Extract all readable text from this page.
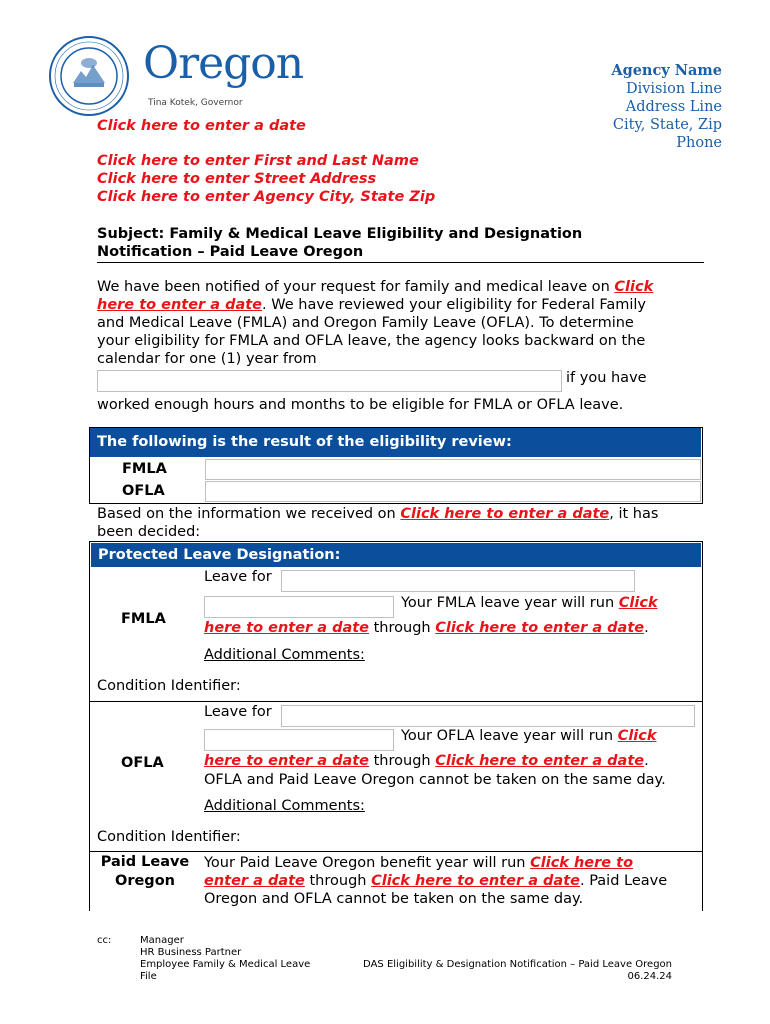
Oregon
Tina Kotek, Governor
Agency Name
Division Line
Address Line
City, State, Zip
Phone
Click here to enter a date
Click here to enter First and Last Name
Click here to enter Street Address
Click here to enter Agency City, State Zip
Subject: Family & Medical Leave Eligibility and Designation
Notification – Paid Leave Oregon
We have been notified of your request for family and medical leave on Click
here to enter a date. We have reviewed your eligibility for Federal Family
and Medical Leave (FMLA) and Oregon Family Leave (OFLA). To determine
your eligibility for FMLA and OFLA leave, the agency looks backward on the
calendar for one (1) year from
if you have
worked enough hours and months to be eligible for FMLA or OFLA leave.
The following is the result of the eligibility review:
FMLA
OFLA
Based on the information we received on Click here to enter a date, it has
been decided:
Protected Leave Designation:
FMLA
Leave for
Your FMLA leave year will run Click
here to enter a date through Click here to enter a date.
Additional Comments:
Condition Identifier:
OFLA
Leave for
Your OFLA leave year will run Click
here to enter a date through Click here to enter a date.
OFLA and Paid Leave Oregon cannot be taken on the same day.
Additional Comments:
Condition Identifier:
Paid Leave
Oregon
Your Paid Leave Oregon benefit year will run Click here to
enter a date through Click here to enter a date. Paid Leave
Oregon and OFLA cannot be taken on the same day.
cc:	Manager
HR Business Partner
Employee Family & Medical Leave
File
DAS Eligibility & Designation Notification – Paid Leave Oregon
06.24.24
